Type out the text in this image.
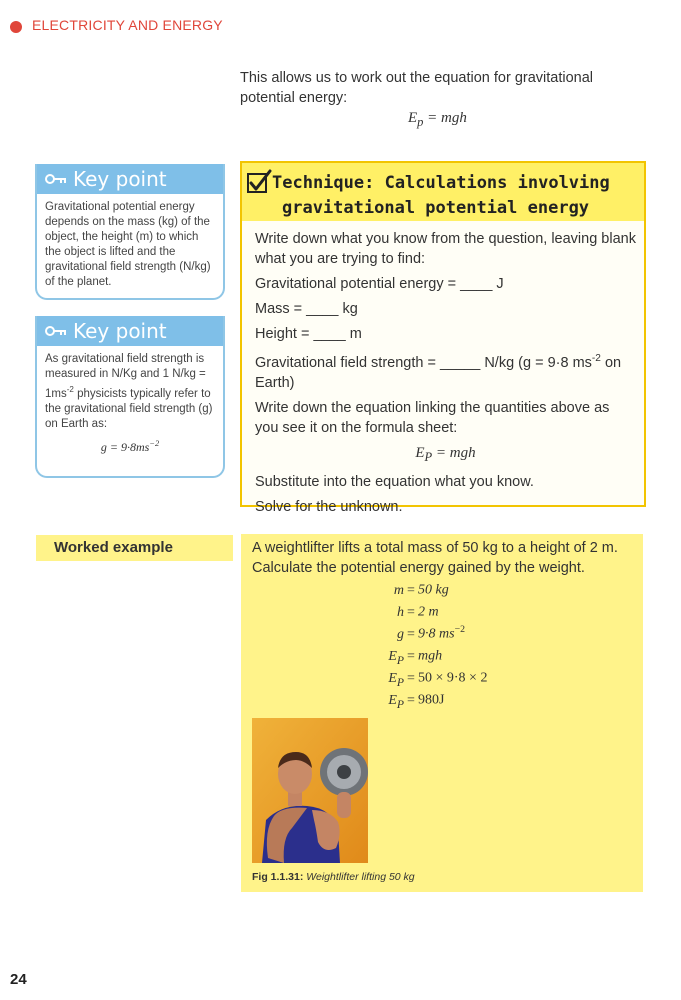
ELECTRICITY AND ENERGY
This allows us to work out the equation for gravitational potential energy:
$E_p$ = mgh
Key point
Gravitational potential energy depends on the mass (kg) of the object, the height (m) to which the object is lifted and the gravitational field strength (N/kg) of the planet.
Key point
As gravitational field strength is measured in N/Kg and 1 $N/kg = 1ms^{-2}$ physicists typically refer to the gravitational field strength (g) on Earth as:
$g = 9\cdot 8ms^{-2}$
Technique: Calculations involving
gravitational potential energy

Write down what you know from the question, leaving blank what you are trying to find:

Gravitational potential energy = ____ J

Mass = ____ kg

Height = ____ m

Gravitational field strength = _____ N/kg (g = 9·8 $ms^{-2}$ on Earth)

Write down the equation linking the quantities above as you see it on the formula sheet:

$E_P$ = mgh

Substitute into the equation what you know.

Solve for the unknown.

Worked example	A weightlifter lifts a total mass of 50 kg to a height of 2 m. Calculate the potential energy gained by the weight.
m = 50 kg
h = 2 m
g = 9·8 $ms^{-2}$
$E_P$ = mgh
$E_P = 50 \times 9\cdot 8 \times 2$
$E_P = 980J$
Fig 1.1.31: Weightlifter lifting 50 kg
24
